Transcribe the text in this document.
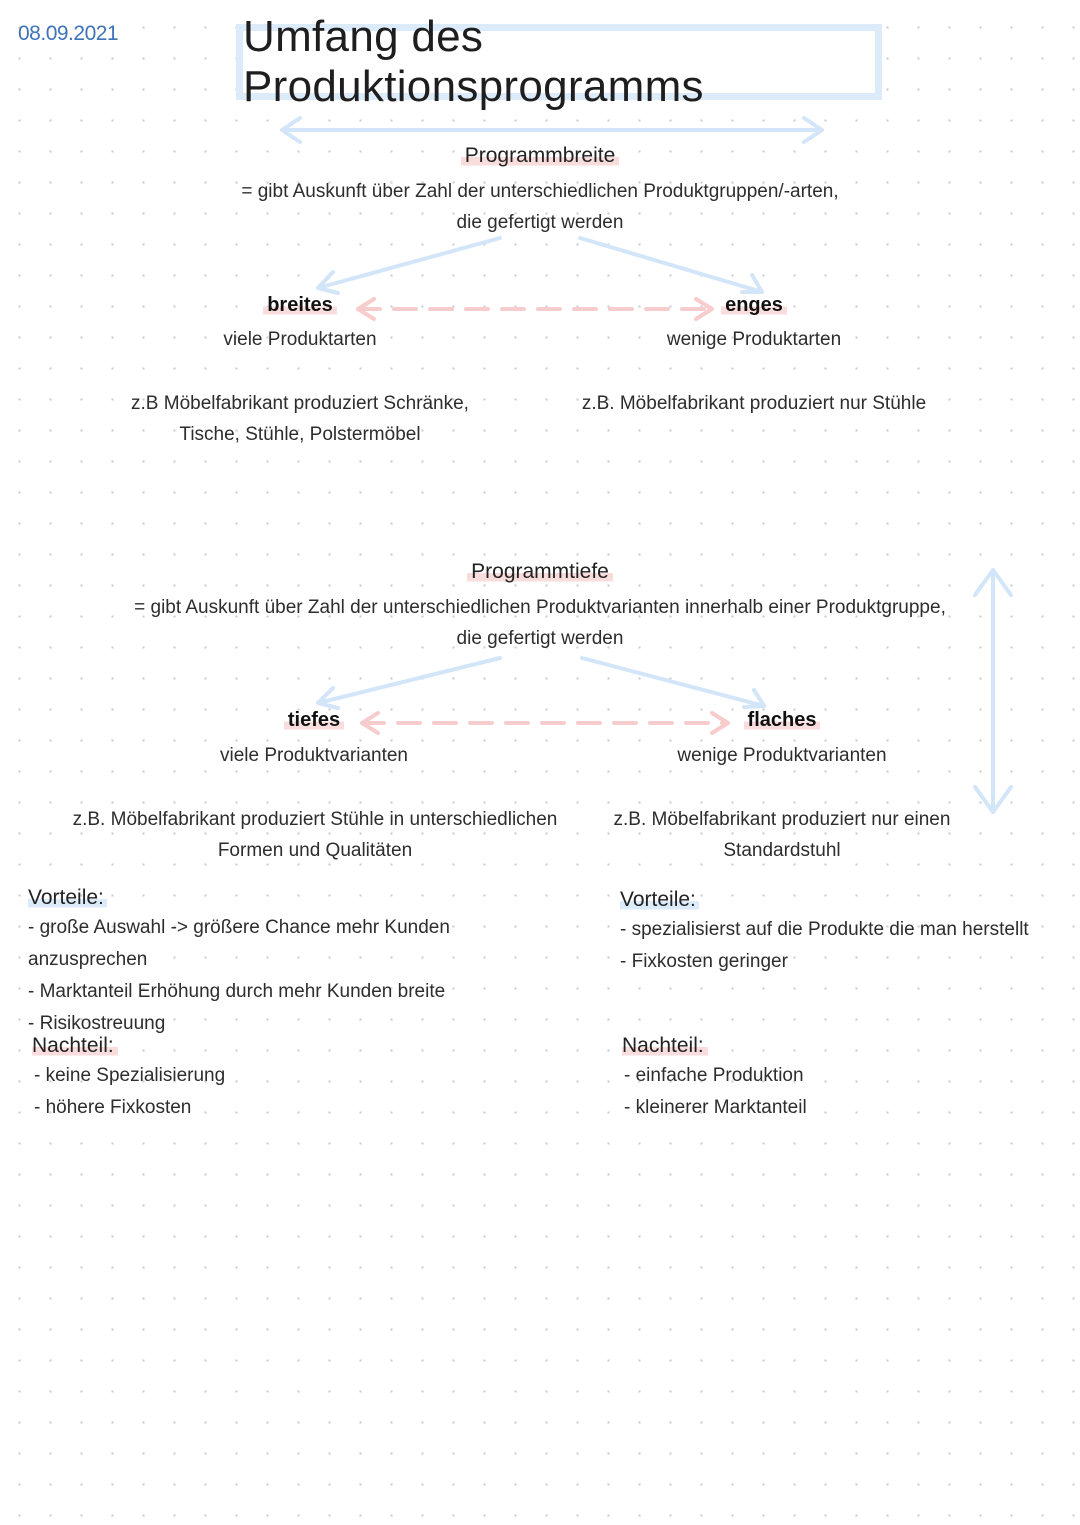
08.09.2021	Umfang des Produktionsprogramms
Programmbreite
= gibt Auskunft über Zahl der unterschiedlichen Produktgruppen/-arten,
die gefertigt werden
breites
viele Produktarten
enges
wenige Produktarten
z.B Möbelfabrikant produziert Schränke,
Tische, Stühle, Polstermöbel
z.B. Möbelfabrikant produziert nur Stühle
Programmtiefe
= gibt Auskunft über Zahl der unterschiedlichen Produktvarianten innerhalb einer Produktgruppe,
die gefertigt werden
tiefes
viele Produktvarianten
flaches
wenige Produktvarianten
z.B. Möbelfabrikant produziert Stühle in unterschiedlichen
Formen und Qualitäten
z.B. Möbelfabrikant produziert nur einen
Standardstuhl
Vorteile:
- große Auswahl -> größere Chance mehr Kunden anzusprechen
- Marktanteil Erhöhung durch mehr Kunden breite
- Risikostreuung
Nachteil:
- keine Spezialisierung
- höhere Fixkosten
Vorteile:
- spezialisierst auf die Produkte die man herstellt
- Fixkosten geringer
Nachteil:
- einfache Produktion
- kleinerer Marktanteil
